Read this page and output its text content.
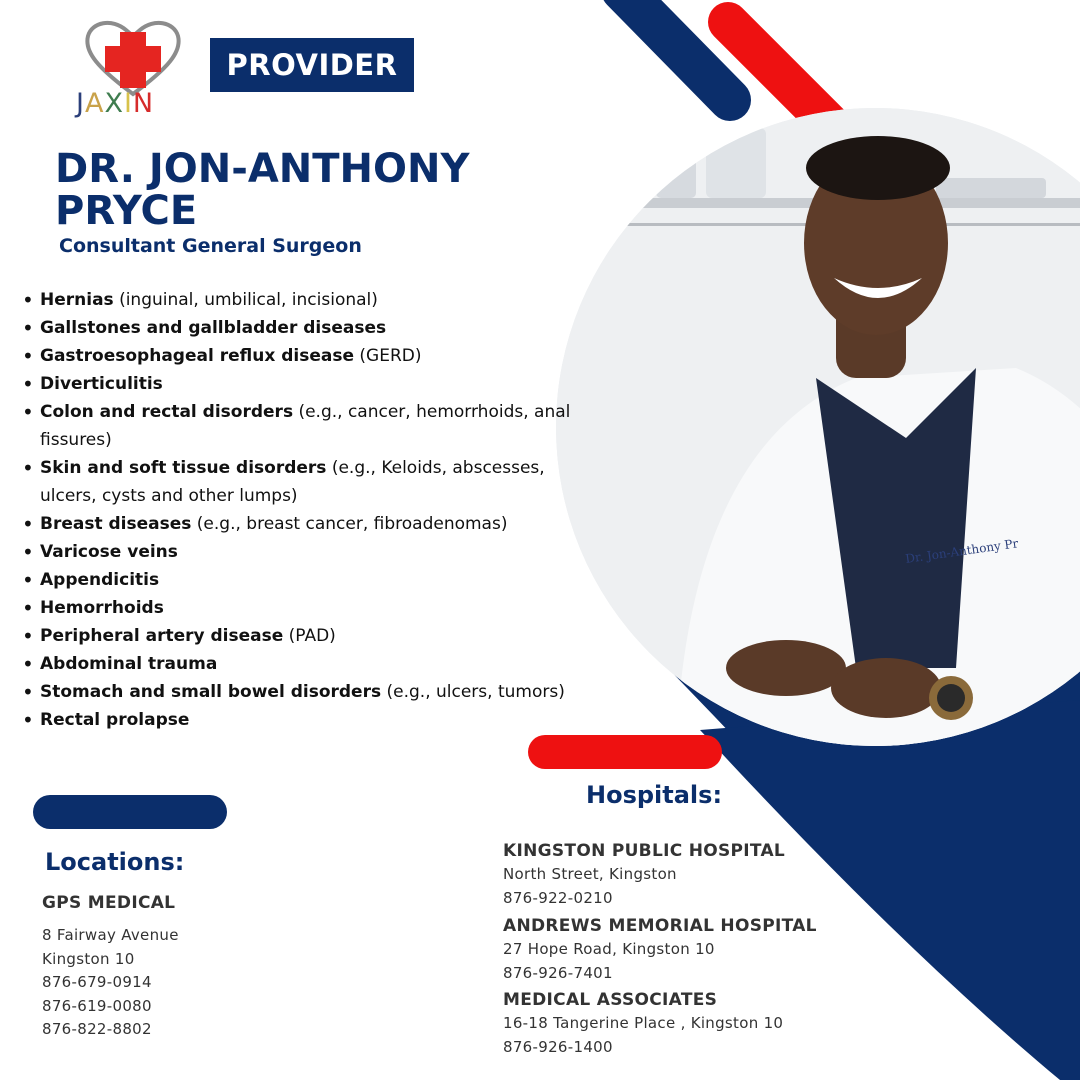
Dr. Jon-Anthony Pr
JAXIN
PROVIDER
DR. JON-ANTHONY
PRYCE
Consultant General Surgeon
• Hernias (inguinal, umbilical, incisional)
• Gallstones and gallbladder diseases
• Gastroesophageal reflux disease (GERD)
• Diverticulitis
• Colon and rectal disorders (e.g., cancer, hemorrhoids, anal fissures)
• Skin and soft tissue disorders (e.g., Keloids, abscesses, ulcers, cysts and other lumps)
• Breast diseases (e.g., breast cancer, fibroadenomas)
• Varicose veins
• Appendicitis
• Hemorrhoids
• Peripheral artery disease (PAD)
• Abdominal trauma
• Stomach and small bowel disorders (e.g., ulcers, tumors)
• Rectal prolapse
Locations:
GPS MEDICAL
8 Fairway Avenue
Kingston 10
876-679-0914
876-619-0080
876-822-8802
Hospitals:
KINGSTON PUBLIC HOSPITAL
North Street, Kingston
876-922-0210
ANDREWS MEMORIAL HOSPITAL
27 Hope Road, Kingston 10
876-926-7401
MEDICAL ASSOCIATES
16-18 Tangerine Place , Kingston 10
876-926-1400
